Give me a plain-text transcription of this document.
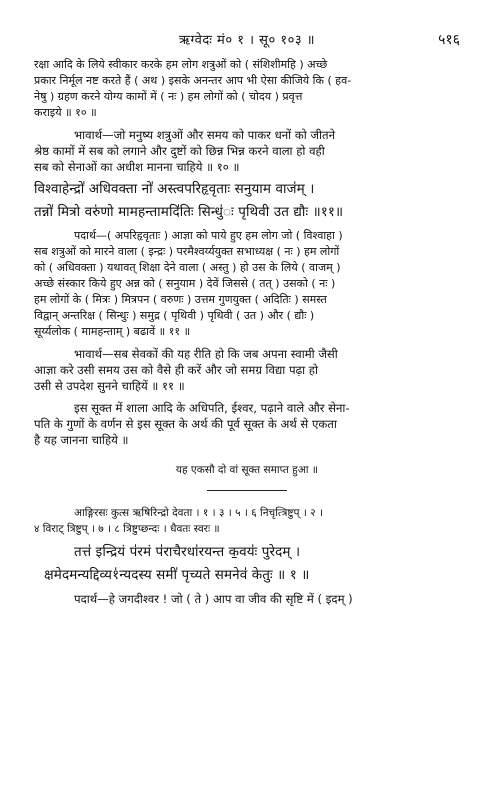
ऋग्वेदः मं० १ । सू० १०३ ॥	५१६

रक्षा आदि के लिये स्वीकार करके हम लोग शत्रुओं को ( संशिशीमहि ) अच्छे

प्रकार निर्मूल नष्ट करते हैं ( अथ ) इसके अनन्तर आप भी ऐसा कीजिये कि ( हव-

नेषु ) ग्रहण करने योग्य कामों में ( नः ) हम लोगों को ( चोदय ) प्रवृत्त

कराइये ॥ १० ॥

भावार्थ—जो मनुष्य शत्रुओं और समय को पाकर धनों को जीतने

श्रेष्ठ कामों में सब को लगाने और दुष्टों को छिन्न भिन्न करने वाला हो वही

सब को सेनाओं का अधीश मानना चाहिये ॥ १० ॥

विश्वाहेन्द्रो॑ अधिवक्ता नो॑ अस्त्वपरिहृवृताः सनुयाम वाज॑म् ।

तन्नो॑ मित्रो वरु॑णो मामहन्तामदि॑तिः सिन्धु॑ः पृथिवी उत द्यौः ॥११॥

पदार्थ—( अपरिहृवृताः ) आज्ञा को पाये हुए हम लोग जो ( विश्वाहा )

सब शत्रुओं को मारने वाला ( इन्द्रः ) परमैश्वर्य्ययुक्त सभाध्यक्ष ( नः ) हम लोगों

को ( अधिवक्ता ) यथावत् शिक्षा देने वाला ( अस्तु ) हो उस के लिये ( वाजम् )

अच्छे संस्कार किये हुए अन्न को ( सनुयाम ) देवें जिससे ( तत् ) उसको ( नः )

हम लोगों के ( मित्रः ) मित्रपन ( वरुणः ) उत्तम गुणयुक्त ( अदितिः ) समस्त

विद्वान् अन्तरिक्ष ( सिन्धुः ) समुद्र ( पृथिवी ) पृथिवी ( उत ) और ( द्यौः )

सूर्य्यलोक ( मामहन्ताम् ) बढावें ॥ ११ ॥

भावार्थ—सब सेवकों की यह रीति हो कि जब अपना स्वामी जैसी

आज्ञा करे उसी समय उस को वैसे ही करें और जो समग्र विद्या पढ़ा हो

उसी से उपदेश सुनने चाहियें ॥ ११ ॥

इस सूक्त में शाला आदि के अधिपति, ईश्वर, पढ़ाने वाले और सेना-

पति के गुणों के वर्णन से इस सूक्त के अर्थ की पूर्व सूक्त के अर्थ से एकता

है यह जानना चाहिये ॥

यह एकसौ दो वां सूक्त समाप्त हुआ ॥

आङ्गिरसः कुत्स ऋषिरिन्द्रो देवता । १ । ३ । ५ । ६ निचृत्त्रिष्टुप् । २ ।

४ विराट् त्रिष्टुप् । ७ । ८ त्रिष्टुप्छन्दः । धैवतः स्वरः ॥

तत्त॑ इन्द्रियं प॑रमं प॑राचैरधा॑रयन्त क॒वयः॑ पुरेदम् ।

क्षमेदमन्यद्दिव्य१॑न्यदस्य समी॑ पृच्यते समनेव॑ केतुः ॥ १ ॥

पदार्थ—हे जगदीश्वर ! जो ( ते ) आप वा जीव की सृष्टि में ( इदम् )
